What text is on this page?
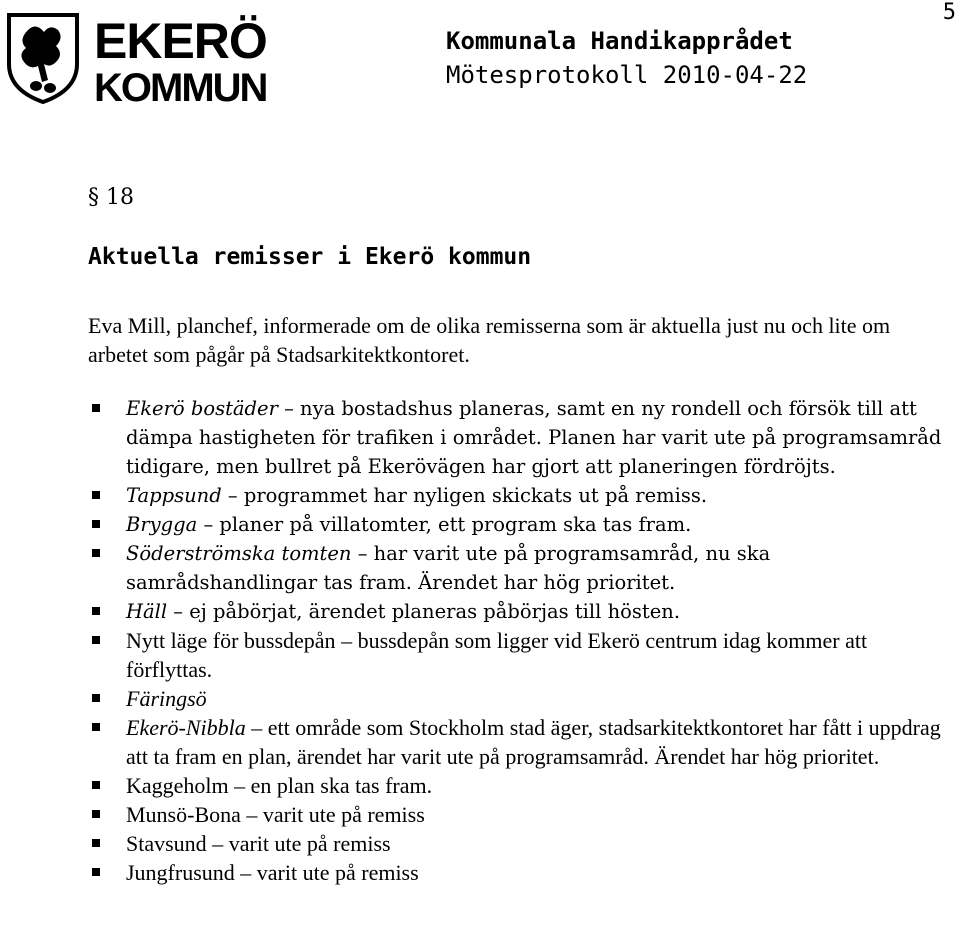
5
EKERÖ
KOMMUN
Kommunala Handikapprådet
Mötesprotokoll 2010-04-22
§ 18
Aktuella remisser i Ekerö kommun
Eva Mill, planchef, informerade om de olika remisserna som är aktuella just nu och lite om arbetet som pågår på Stadsarkitektkontoret.
Ekerö bostäder – nya bostadshus planeras, samt en ny rondell och försök till att dämpa hastigheten för trafiken i området. Planen har varit ute på programsamråd tidigare, men bullret på Ekerövägen har gjort att planeringen fördröjts.
Tappsund – programmet har nyligen skickats ut på remiss.
Brygga – planer på villatomter, ett program ska tas fram.
Söderströmska tomten – har varit ute på programsamråd, nu ska samrådshandlingar tas fram. Ärendet har hög prioritet.
Häll – ej påbörjat, ärendet planeras påbörjas till hösten.
Nytt läge för bussdepån – bussdepån som ligger vid Ekerö centrum idag kommer att förflyttas.
Färingsö
Ekerö-Nibbla – ett område som Stockholm stad äger, stadsarkitektkontoret har fått i uppdrag att ta fram en plan, ärendet har varit ute på programsamråd. Ärendet har hög prioritet.
Kaggeholm – en plan ska tas fram.
Munsö-Bona – varit ute på remiss
Stavsund – varit ute på remiss
Jungfrusund – varit ute på remiss
